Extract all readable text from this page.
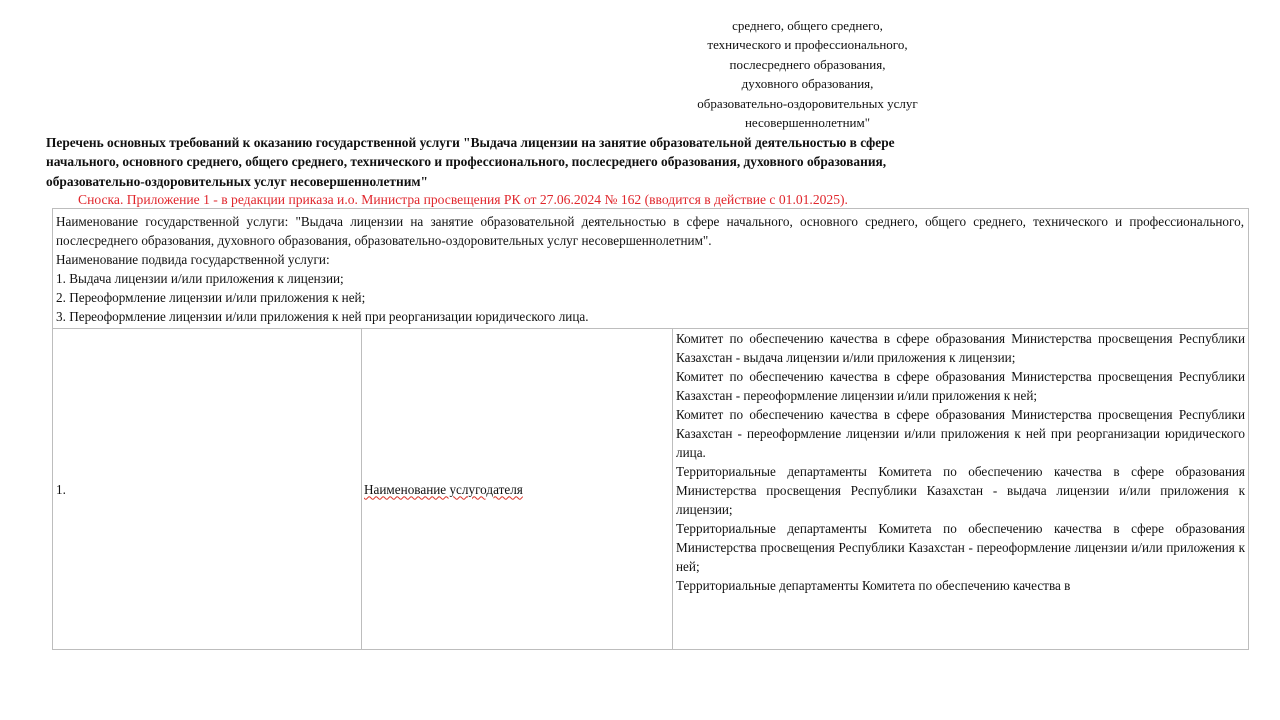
среднего, общего среднего,
технического и профессионального,
послесреднего образования,
духовного образования,
образовательно-оздоровительных услуг
несовершеннолетним"
Перечень основных требований к оказанию государственной услуги "Выдача лицензии на занятие образовательной деятельностью в сфере
начального, основного среднего, общего среднего, технического и профессионального, послесреднего образования, духовного образования,
образовательно-оздоровительных услуг несовершеннолетним"
Сноска. Приложение 1 - в редакции приказа и.о. Министра просвещения РК от 27.06.2024 № 162 (вводится в действие с 01.01.2025).
Наименование государственной услуги: "Выдача лицензии на занятие образовательной деятельностью в сфере начального, основного среднего, общего среднего, технического и профессионального, послесреднего образования, духовного образования, образовательно-оздоровительных услуг несовершеннолетним".
Наименование подвида государственной услуги:
1. Выдача лицензии и/или приложения к лицензии;
2. Переоформление лицензии и/или приложения к ней;
3. Переоформление лицензии и/или приложения к ней при реорганизации юридического лица.
1.	Наименование услугодателя
Комитет по обеспечению качества в сфере образования Министерства просвещения Республики Казахстан - выдача лицензии и/или приложения к лицензии;
Комитет по обеспечению качества в сфере образования Министерства просвещения Республики Казахстан - переоформление лицензии и/или приложения к ней;
Комитет по обеспечению качества в сфере образования Министерства просвещения Республики Казахстан - переоформление лицензии и/или приложения к ней при реорганизации юридического лица.
Территориальные департаменты Комитета по обеспечению качества в сфере образования Министерства просвещения Республики Казахстан - выдача лицензии и/или приложения к лицензии;
Территориальные департаменты Комитета по обеспечению качества в сфере образования Министерства просвещения Республики Казахстан - переоформление лицензии и/или приложения к ней;
Территориальные департаменты Комитета по обеспечению качества в
